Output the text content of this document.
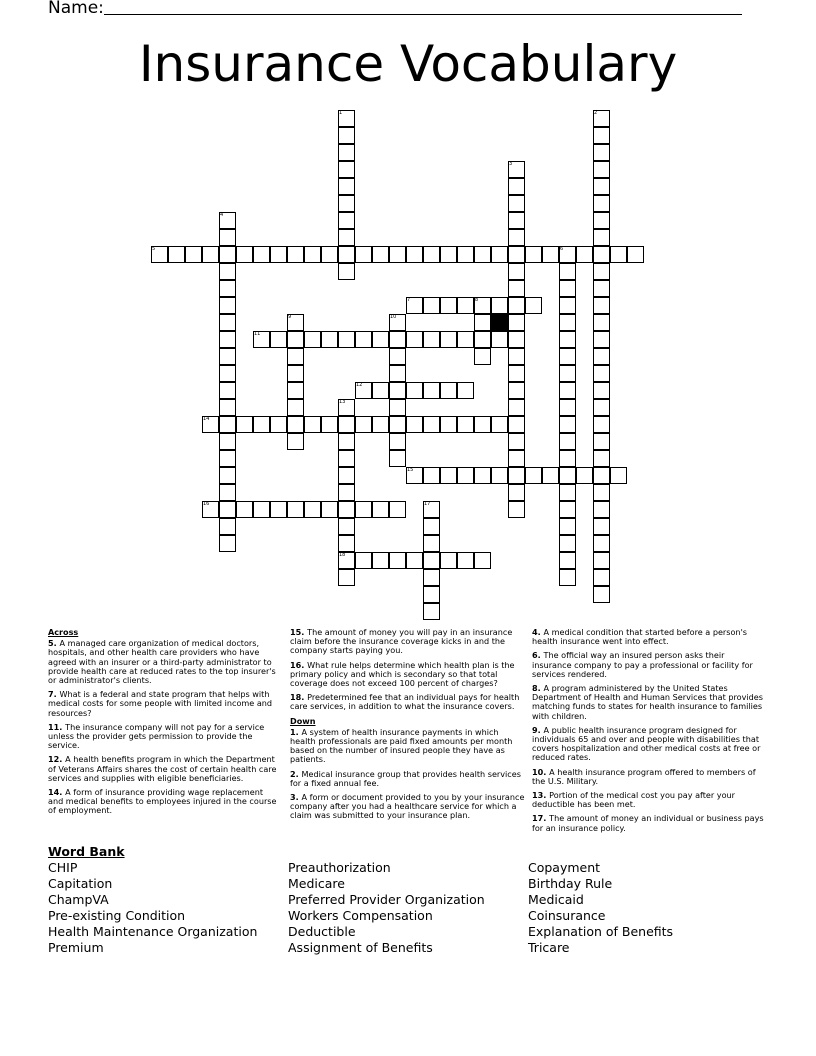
Name:
Insurance Vocabulary
1	2
3
4
5	6
7	8
9	10
11
12
13
18
14
15
16	17
Across
5. A managed care organization of medical doctors, hospitals, and other health care providers who have agreed with an insurer or a third-party administrator to provide health care at reduced rates to the top insurer's or administrator's clients.
7. What is a federal and state program that helps with medical costs for some people with limited income and resources?
11. The insurance company will not pay for a service unless the provider gets permission to provide the service.
12. A health benefits program in which the Department of Veterans Affairs shares the cost of certain health care services and supplies with eligible beneficiaries.
14. A form of insurance providing wage replacement and medical benefits to employees injured in the course of employment.
15. The amount of money you will pay in an insurance claim before the insurance coverage kicks in and the company starts paying you.
16. What rule helps determine which health plan is the primary policy and which is secondary so that total coverage does not exceed 100 percent of charges?
18. Predetermined fee that an individual pays for health care services, in addition to what the insurance covers.
Down
1. A system of health insurance payments in which health professionals are paid fixed amounts per month based on the number of insured people they have as patients.
2. Medical insurance group that provides health services for a fixed annual fee.
3. A form or document provided to you by your insurance company after you had a healthcare service for which a claim was submitted to your insurance plan.
4. A medical condition that started before a person's health insurance went into effect.
6. The official way an insured person asks their insurance company to pay a professional or facility for services rendered.
8. A program administered by the United States Department of Health and Human Services that provides matching funds to states for health insurance to families with children.
9. A public health insurance program designed for individuals 65 and over and people with disabilities that covers hospitalization and other medical costs at free or reduced rates.
10. A health insurance program offered to members of the U.S. Military.
13. Portion of the medical cost you pay after your deductible has been met.
17. The amount of money an individual or business pays for an insurance policy.
Word Bank
CHIP
Capitation
ChampVA
Pre-existing Condition
Health Maintenance Organization
Premium
Preauthorization
Medicare
Preferred Provider Organization
Workers Compensation
Deductible
Assignment of Benefits
Copayment
Birthday Rule
Medicaid
Coinsurance
Explanation of Benefits
Tricare
